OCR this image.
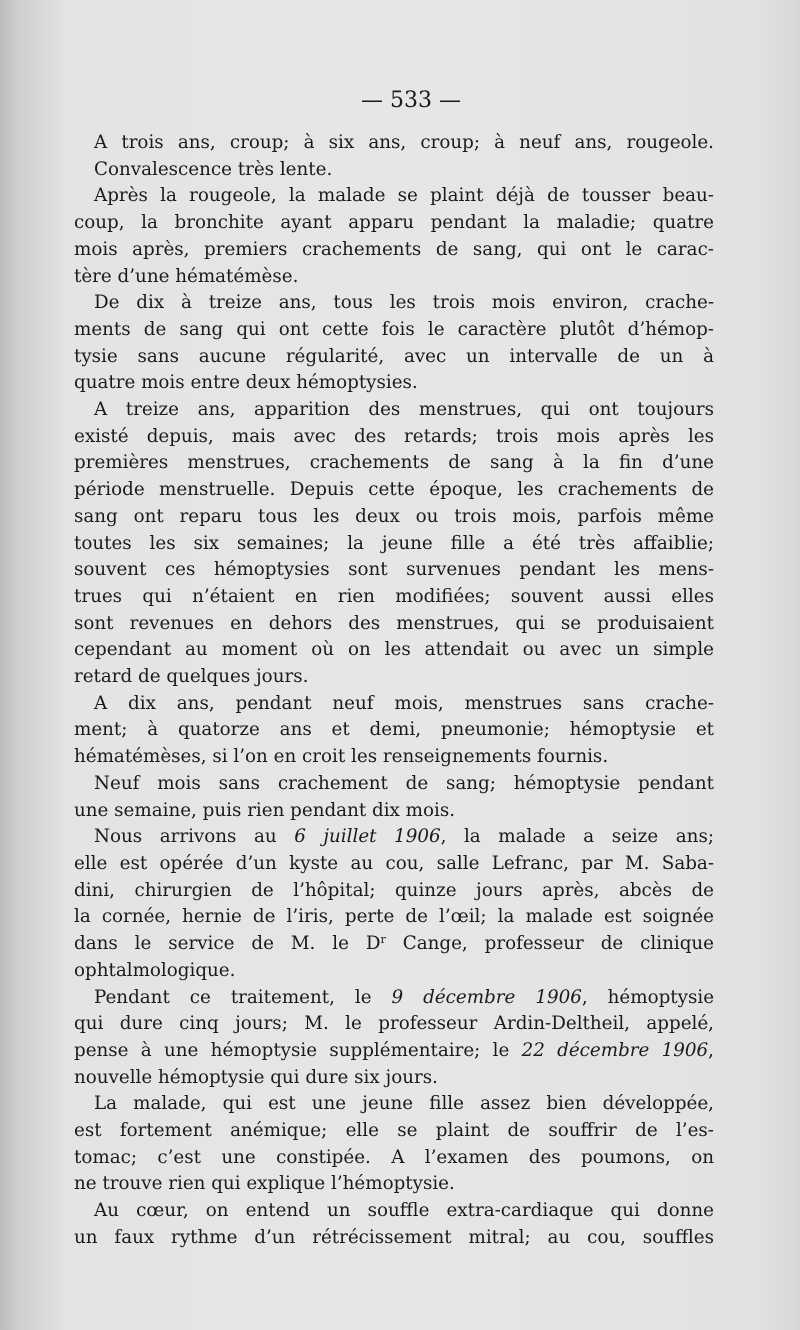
— 533 —

A trois ans, croup; à six ans, croup; à neuf ans, rougeole.
Convalescence très lente.

Après la rougeole, la malade se plaint déjà de tousser beau-
coup, la bronchite ayant apparu pendant la maladie; quatre
mois après, premiers crachements de sang, qui ont le carac-
tère d’une hématémèse.

De dix à treize ans, tous les trois mois environ, crache-
ments de sang qui ont cette fois le caractère plutôt d’hémop-
tysie sans aucune régularité, avec un intervalle de un à
quatre mois entre deux hémoptysies.

A treize ans, apparition des menstrues, qui ont toujours
existé depuis, mais avec des retards; trois mois après les
premières menstrues, crachements de sang à la fin d’une
période menstruelle. Depuis cette époque, les crachements de
sang ont reparu tous les deux ou trois mois, parfois même
toutes les six semaines; la jeune fille a été très affaiblie;
souvent ces hémoptysies sont survenues pendant les mens-
trues qui n’étaient en rien modifiées; souvent aussi elles
sont revenues en dehors des menstrues, qui se produisaient
cependant au moment où on les attendait ou avec un simple
retard de quelques jours.

A dix ans, pendant neuf mois, menstrues sans crache-
ment; à quatorze ans et demi, pneumonie; hémoptysie et
hématémèses, si l’on en croit les renseignements fournis.

Neuf mois sans crachement de sang; hémoptysie pendant
une semaine, puis rien pendant dix mois.

Nous arrivons au 6 juillet 1906, la malade a seize ans;
elle est opérée d’un kyste au cou, salle Lefranc, par M. Saba-
dini, chirurgien de l’hôpital; quinze jours après, abcès de
la cornée, hernie de l’iris, perte de l’œil; la malade est soignée
dans le service de M. le $D^r$ Cange, professeur de clinique
ophtalmologique.

Pendant ce traitement, le 9 décembre 1906, hémoptysie
qui dure cinq jours; M. le professeur Ardin-Deltheil, appelé,
pense à une hémoptysie supplémentaire; le 22 décembre 1906,
nouvelle hémoptysie qui dure six jours.

La malade, qui est une jeune fille assez bien développée,
est fortement anémique; elle se plaint de souffrir de l’es-
tomac; c’est une constipée. A l’examen des poumons, on
ne trouve rien qui explique l’hémoptysie.

Au cœur, on entend un souffle extra-cardiaque qui donne
un faux rythme d’un rétrécissement mitral; au cou, souffles
